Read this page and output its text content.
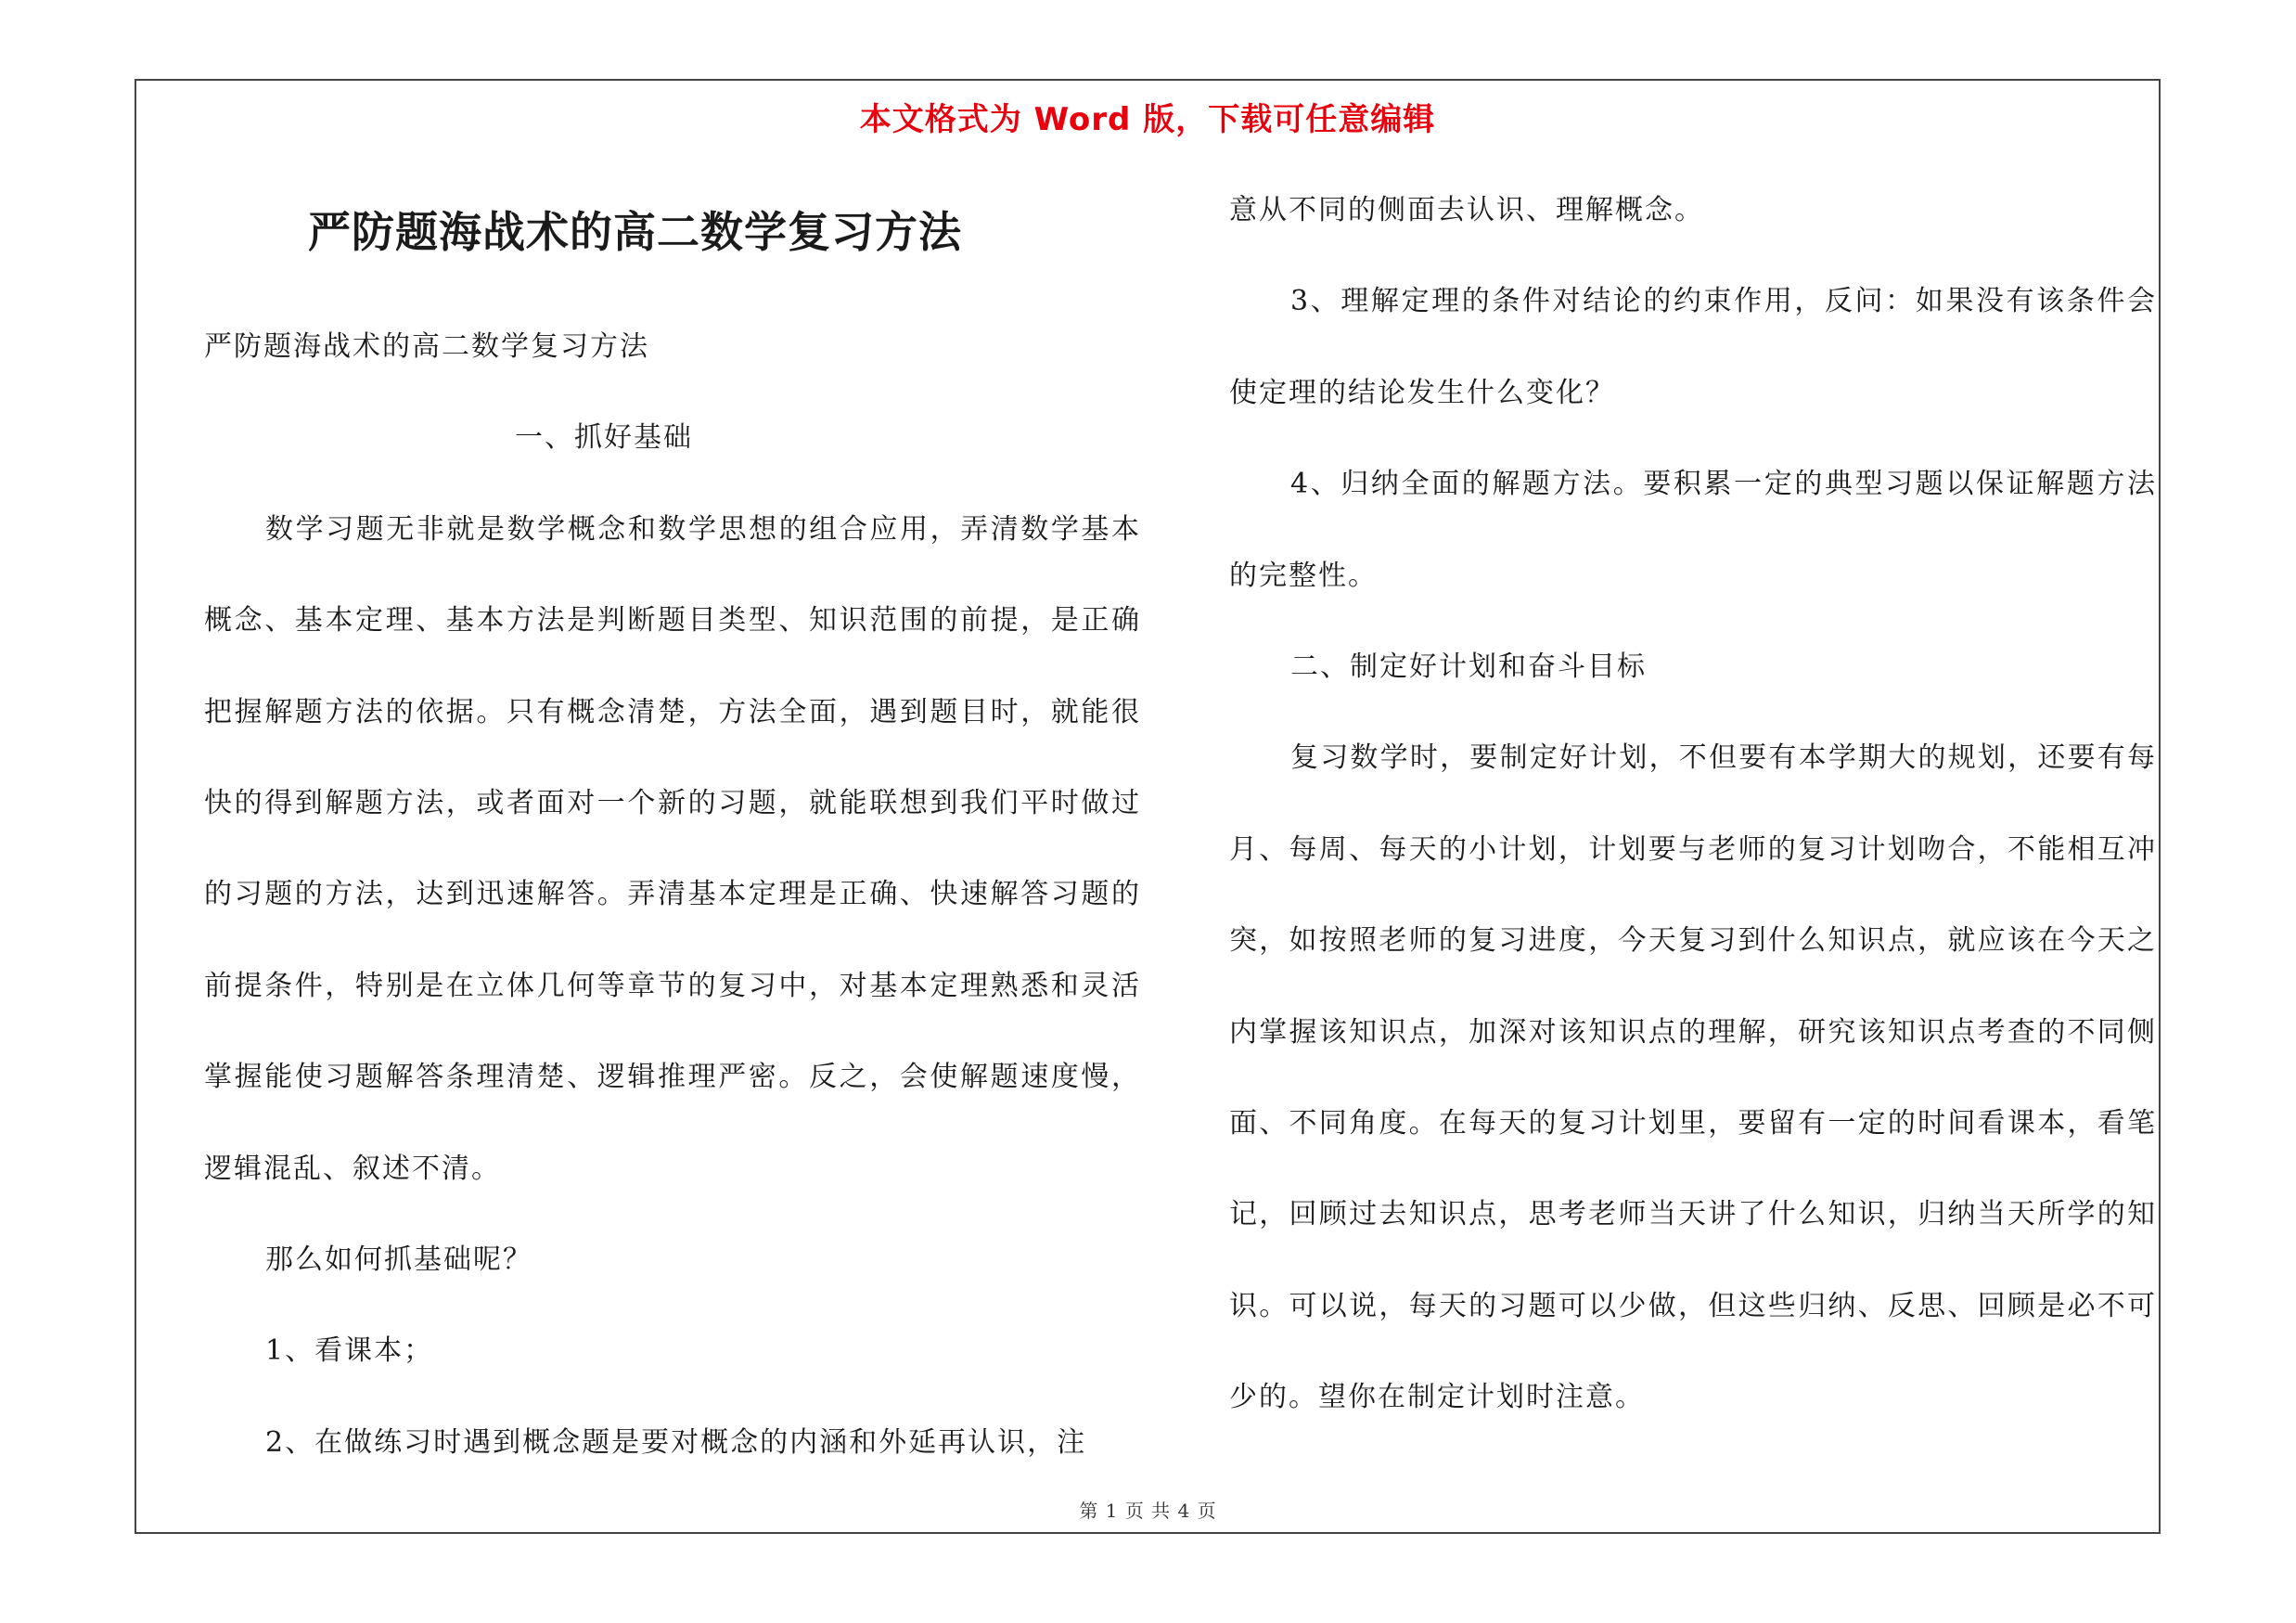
本文格式为 Word 版，下载可任意编辑
严防题海战术的高二数学复习方法

严防题海战术的高二数学复习方法

一、抓好基础

数学习题无非就是数学概念和数学思想的组合应用，弄清数学基本概念、基本定理、基本方法是判断题目类型、知识范围的前提，是正确把握解题方法的依据。只有概念清楚，方法全面，遇到题目时，就能很快的得到解题方法，或者面对一个新的习题，就能联想到我们平时做过的习题的方法，达到迅速解答。弄清基本定理是正确、快速解答习题的前提条件，特别是在立体几何等章节的复习中，对基本定理熟悉和灵活掌握能使习题解答条理清楚、逻辑推理严密。反之，会使解题速度慢，逻辑混乱、叙述不清。

那么如何抓基础呢？

1、看课本；

2、在做练习时遇到概念题是要对概念的内涵和外延再认识，注

意从不同的侧面去认识、理解概念。

3、理解定理的条件对结论的约束作用，反问：如果没有该条件会使定理的结论发生什么变化？

4、归纳全面的解题方法。要积累一定的典型习题以保证解题方法的完整性。

二、制定好计划和奋斗目标

复习数学时，要制定好计划，不但要有本学期大的规划，还要有每月、每周、每天的小计划，计划要与老师的复习计划吻合，不能相互冲突，如按照老师的复习进度，今天复习到什么知识点，就应该在今天之内掌握该知识点，加深对该知识点的理解，研究该知识点考查的不同侧面、不同角度。在每天的复习计划里，要留有一定的时间看课本，看笔记，回顾过去知识点，思考老师当天讲了什么知识，归纳当天所学的知识。可以说，每天的习题可以少做，但这些归纳、反思、回顾是必不可少的。望你在制定计划时注意。

第 1 页 共 4 页
